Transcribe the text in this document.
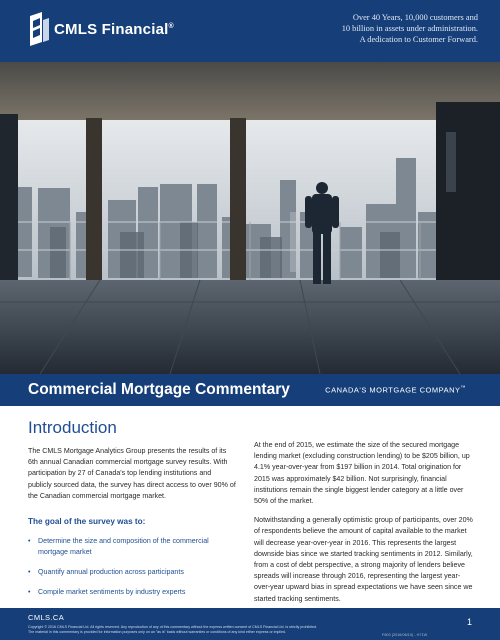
CMLS Financial®
Over 40 Years, 10,000 customers and
10 billion in assets under administration.
A dedication to Customer Forward.
Commercial Mortgage Commentary	CANADA'S MORTGAGE COMPANY™
Introduction

The CMLS Mortgage Analytics Group presents the results of its 6th annual Canadian commercial mortgage survey results. With participation by 27 of Canada's top lending institutions and publicly sourced data, the survey has direct access to over 90% of the Canadian commercial mortgage market.

The goal of the survey was to:
• Determine the size and composition of the commercial mortgage market
• Quantify annual production across participants
• Compile market sentiments by industry experts

At the end of 2015, we estimate the size of the secured mortgage lending market (excluding construction lending) to be $205 billion, up 4.1% year-over-year from $197 billion in 2014. Total origination for 2015 was approximately $42 billion. Not surprisingly, financial institutions remain the single biggest lender category at a little over 50% of the market.

Notwithstanding a generally optimistic group of participants, over 20% of respondents believe the amount of capital available to the market will decrease year-over-year in 2016. This represents the largest downside bias since we started tracking sentiments in 2012. Similarly, from a cost of debt perspective, a strong majority of lenders believe spreads will increase through 2016, representing the largest year-over-year upward bias in spread expectations we have seen since we started tracking sentiments.

CMLS.CA	1
Copyright © 2016 CMLS Financial Ltd. All rights reserved. Any reproduction of any of this commentary without the express written consent of CMLS Financial Ltd. is strictly prohibited.
The material in this commentary is provided for information purposes only on an "as is" basis without warranties or conditions of any kind either express or implied.
F603 (2016/06/10) - H71W
